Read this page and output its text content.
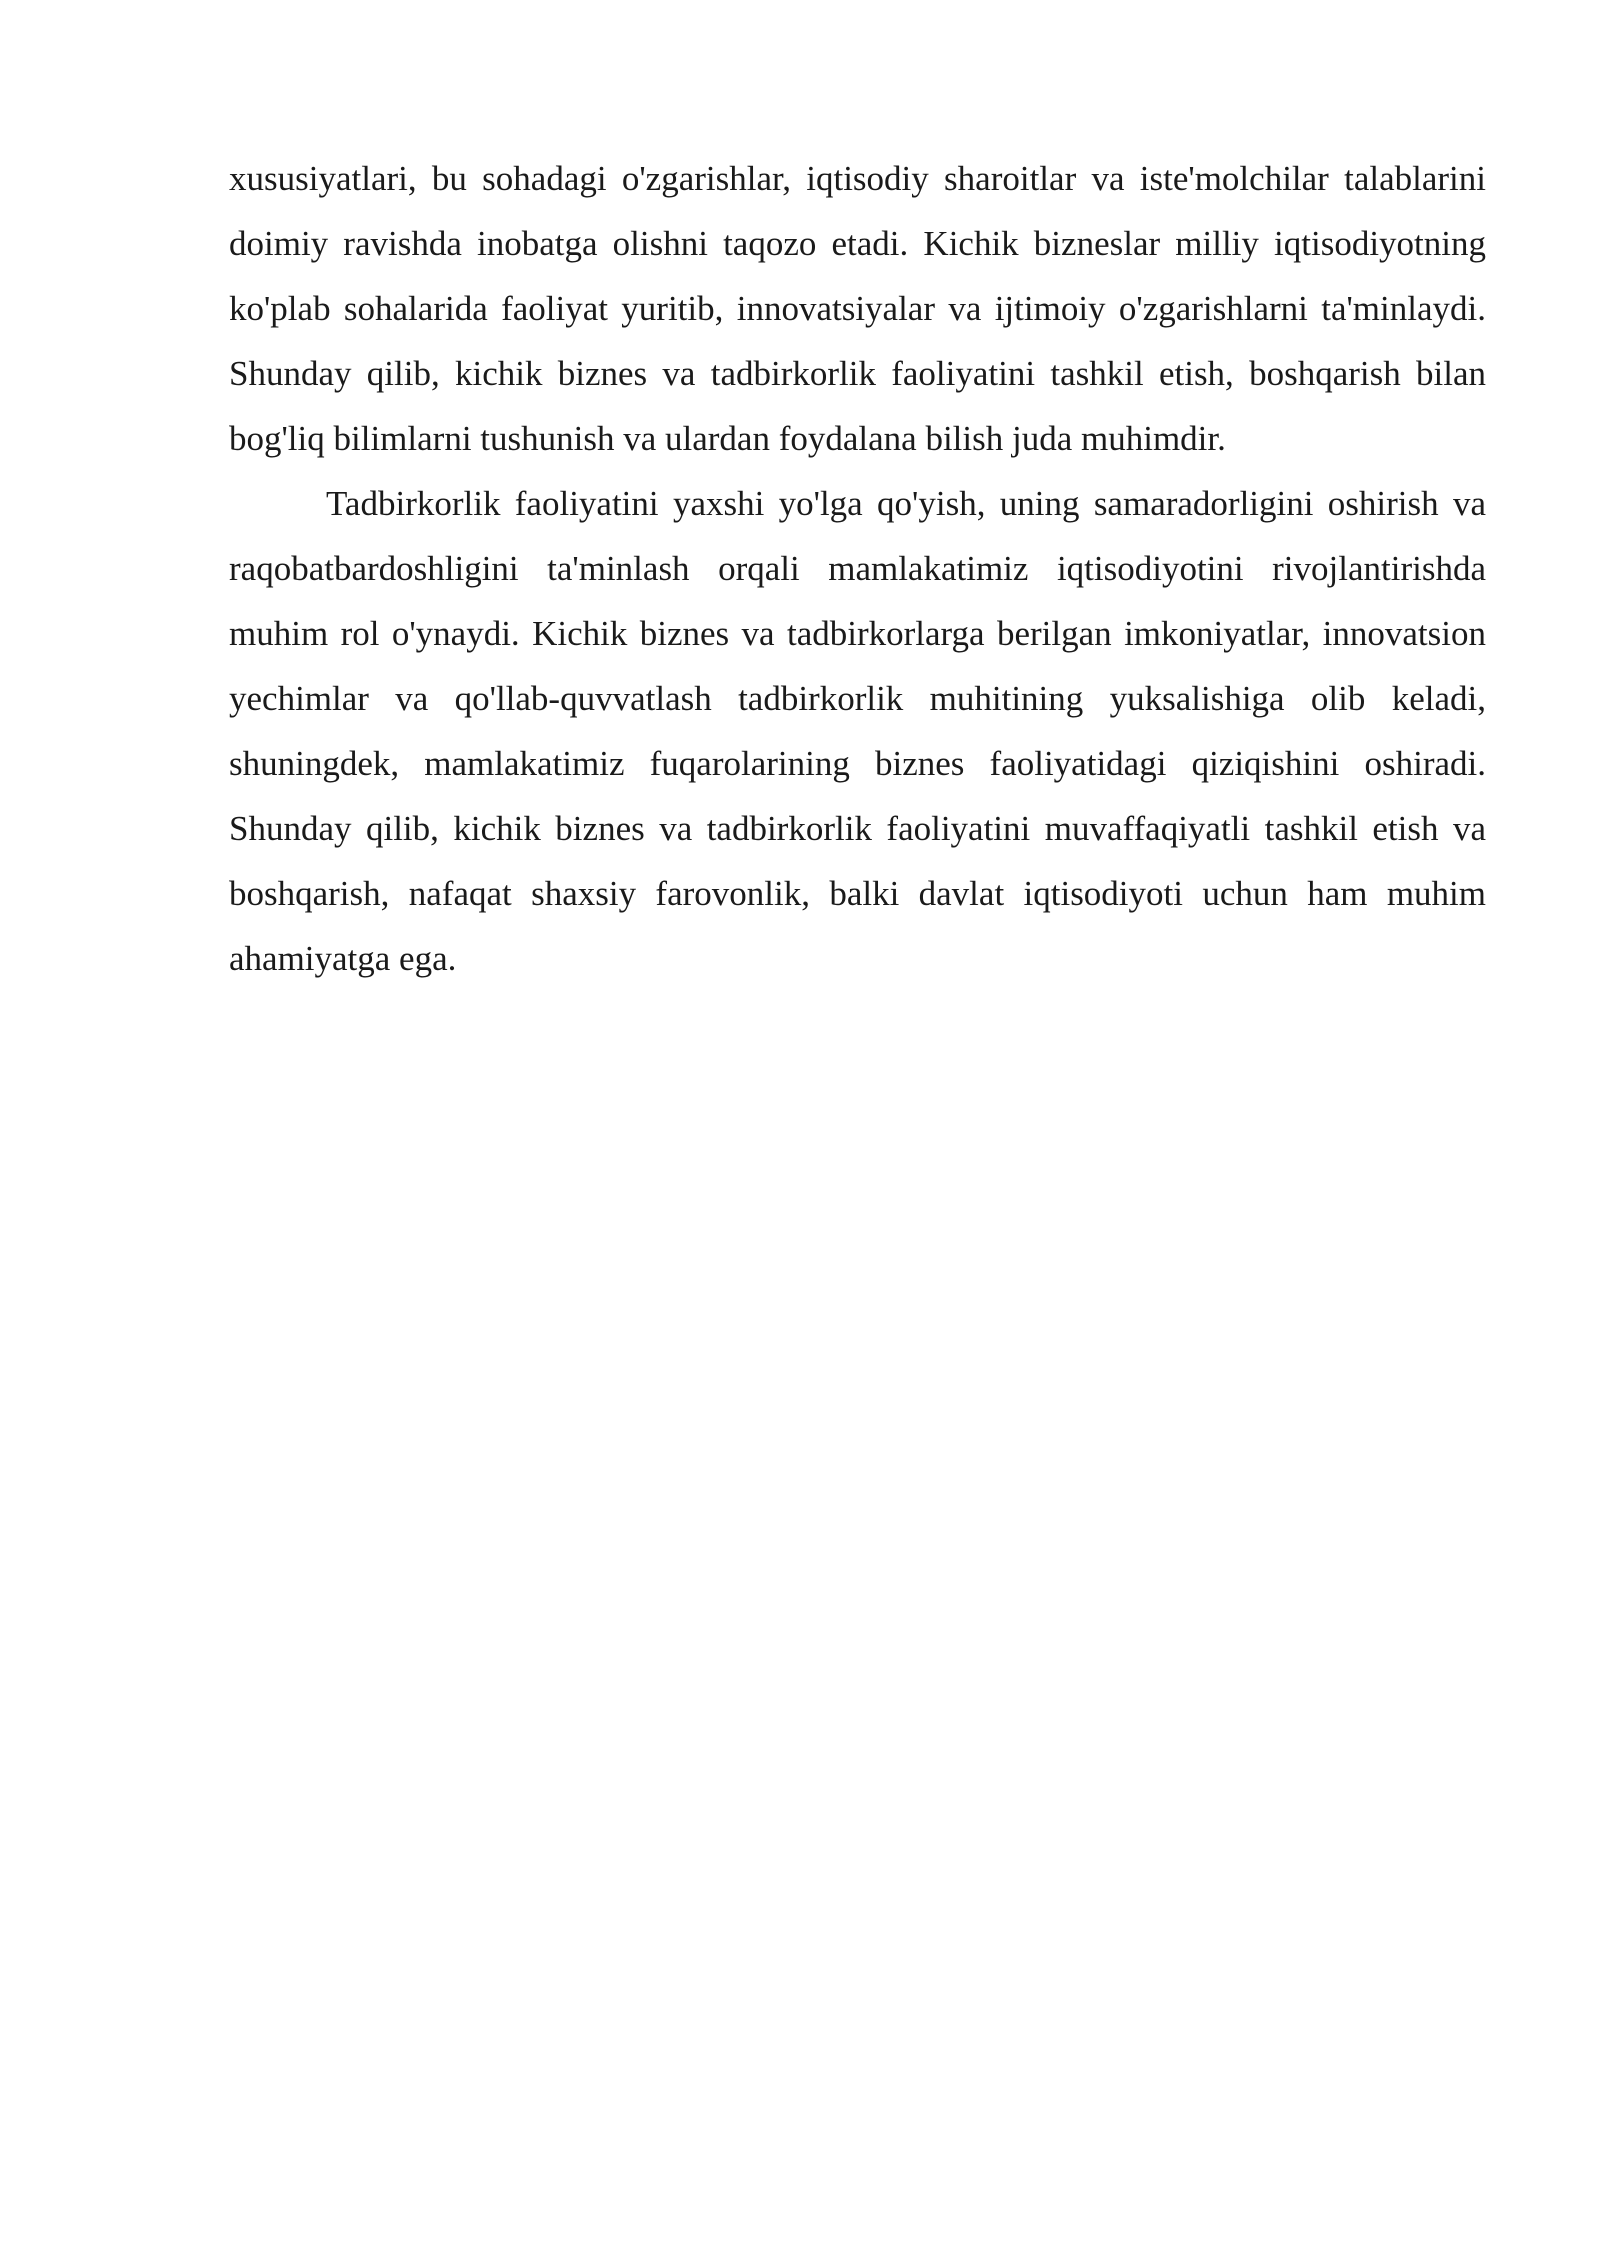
xususiyatlari, bu sohadagi o'zgarishlar, iqtisodiy sharoitlar va iste'molchilar talablarini doimiy ravishda inobatga olishni taqozo etadi. Kichik bizneslar milliy iqtisodiyotning ko'plab sohalarida faoliyat yuritib, innovatsiyalar va ijtimoiy o'zgarishlarni ta'minlaydi. Shunday qilib, kichik biznes va tadbirkorlik faoliyatini tashkil etish, boshqarish bilan bog'liq bilimlarni tushunish va ulardan foydalana bilish juda muhimdir.

Tadbirkorlik faoliyatini yaxshi yo'lga qo'yish, uning samaradorligini oshirish va raqobatbardoshligini ta'minlash orqali mamlakatimiz iqtisodiyotini rivojlantirishda muhim rol o'ynaydi. Kichik biznes va tadbirkorlarga berilgan imkoniyatlar, innovatsion yechimlar va qo'llab-quvvatlash tadbirkorlik muhitining yuksalishiga olib keladi, shuningdek, mamlakatimiz fuqarolarining biznes faoliyatidagi qiziqishini oshiradi. Shunday qilib, kichik biznes va tadbirkorlik faoliyatini muvaffaqiyatli tashkil etish va boshqarish, nafaqat shaxsiy farovonlik, balki davlat iqtisodiyoti uchun ham muhim ahamiyatga ega.
